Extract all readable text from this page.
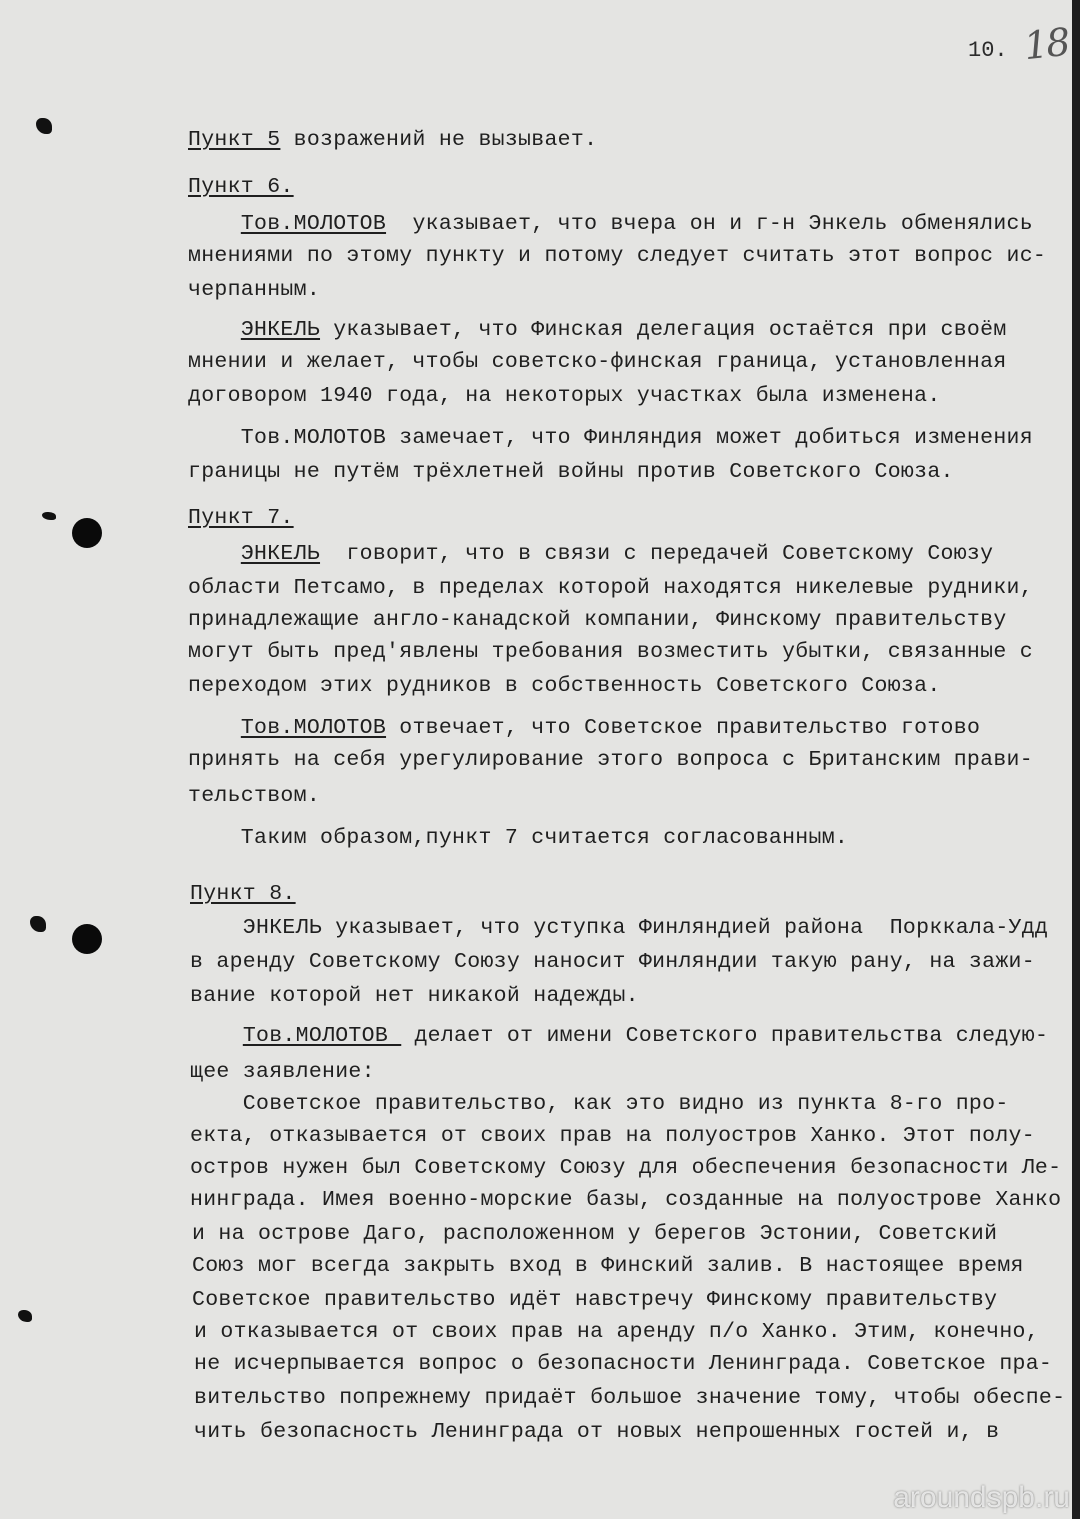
10. 18
Пункт 5 возражений не вызывает.
Пункт 6.
Тов.МОЛОТОВ  указывает, что вчера он и г-н Энкель обменялись
мнениями по этому пункту и потому следует считать этот вопрос ис-
черпанным.
ЭНКЕЛЬ указывает, что Финская делегация остаётся при своём
мнении и желает, чтобы советско-финская граница, установленная
договором 1940 года, на некоторых участках была изменена.
Тов.МОЛОТОВ замечает, что Финляндия может добиться изменения
границы не путём трёхлетней войны против Советского Союза.
Пункт 7.
ЭНКЕЛЬ  говорит, что в связи с передачей Советскому Союзу
области Петсамо, в пределах которой находятся никелевые рудники,
принадлежащие англо-канадской компании, Финскому правительству
могут быть пред'явлены требования возместить убытки, связанные с
переходом этих рудников в собственность Советского Союза.
Тов.МОЛОТОВ отвечает, что Советское правительство готово
принять на себя урегулирование этого вопроса с Британским прави-
тельством.
Таким образом,пункт 7 считается согласованным.
Пункт 8.
ЭНКЕЛЬ указывает, что уступка Финляндией района  Порккала-Удд
в аренду Советскому Союзу наносит Финляндии такую рану, на зажи-
вание которой нет никакой надежды.
Тов.МОЛОТОВ  делает от имени Советского правительства следую-
щее заявление:
Советское правительство, как это видно из пункта 8-го про-
екта, отказывается от своих прав на полуостров Ханко. Этот полу-
остров нужен был Советскому Союзу для обеспечения безопасности Ле-
нинграда. Имея военно-морские базы, созданные на полуострове Ханко
и на острове Даго, расположенном у берегов Эстонии, Советский
Союз мог всегда закрыть вход в Финский залив. В настоящее время
Советское правительство идёт навстречу Финскому правительству
и отказывается от своих прав на аренду п/о Ханко. Этим, конечно,
не исчерпывается вопрос о безопасности Ленинграда. Советское пра-
вительство попрежнему придаёт большое значение тому, чтобы обеспе-
чить безопасность Ленинграда от новых непрошенных гостей и, в
aroundspb.ru
